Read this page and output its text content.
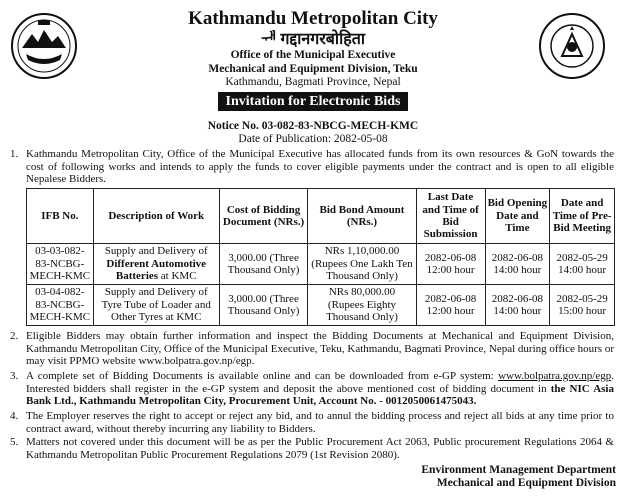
Kathmandu Metropolitan City
ᆊ गद्दानगरबोहिता
Office of the Municipal Executive
Mechanical and Equipment Division, Teku
Kathmandu, Bagmati Province, Nepal
Invitation for Electronic Bids
Notice No. 03-082-83-NBCG-MECH-KMC
Date of Publication: 2082-05-08
1. Kathmandu Metropolitan City, Office of the Municipal Executive has allocated funds from its own resources & GoN towards the cost of following works and intends to apply the funds to cover eligible payments under the contract and is open to all eligible Nepalese Bidders.
IFB No.	Description of Work	Cost of Bidding Document (NRs.)	Bid Bond Amount (NRs.)	Last Date and Time of Bid Submission	Bid Opening Date and Time	Date and Time of Pre-Bid Meeting
03-03-082-83-NCBG-MECH-KMC	Supply and Delivery of Different Automotive Batteries at KMC	3,000.00 (Three Thousand Only)	NRs 1,10,000.00 (Rupees One Lakh Ten Thousand Only)	2082-06-08 12:00 hour	2082-06-08 14:00 hour	2082-05-29 14:00 hour
03-04-082-83-NCBG-MECH-KMC	Supply and Delivery of Tyre Tube of Loader and Other Tyres at KMC	3,000.00 (Three Thousand Only)	NRs 80,000.00 (Rupees Eighty Thousand Only)	2082-06-08 12:00 hour	2082-06-08 14:00 hour	2082-05-29 15:00 hour
2. Eligible Bidders may obtain further information and inspect the Bidding Documents at Mechanical and Equipment Division, Kathmandu Metropolitan City, Office of the Municipal Executive, Teku, Kathmandu, Bagmati Province, Nepal during office hours or may visit PPMO website www.bolpatra.gov.np/egp.
3. A complete set of Bidding Documents is available online and can be downloaded from e-GP system: www.bolpatra.gov.np/egp. Interested bidders shall register in the e-GP system and deposit the above mentioned cost of bidding document in the NIC Asia Bank Ltd., Kathmandu Metropolitan City, Procurement Unit, Account No. - 0012050061475043.
4. The Employer reserves the right to accept or reject any bid, and to annul the bidding process and reject all bids at any time prior to contract award, without thereby incurring any liability to Bidders.
5. Matters not covered under this document will be as per the Public Procurement Act 2063, Public procurement Regulations 2064 & Kathmandu Metropolitan Public Procurement Regulations 2079 (1st Revision 2080).
Environment Management Department
Mechanical and Equipment Division
